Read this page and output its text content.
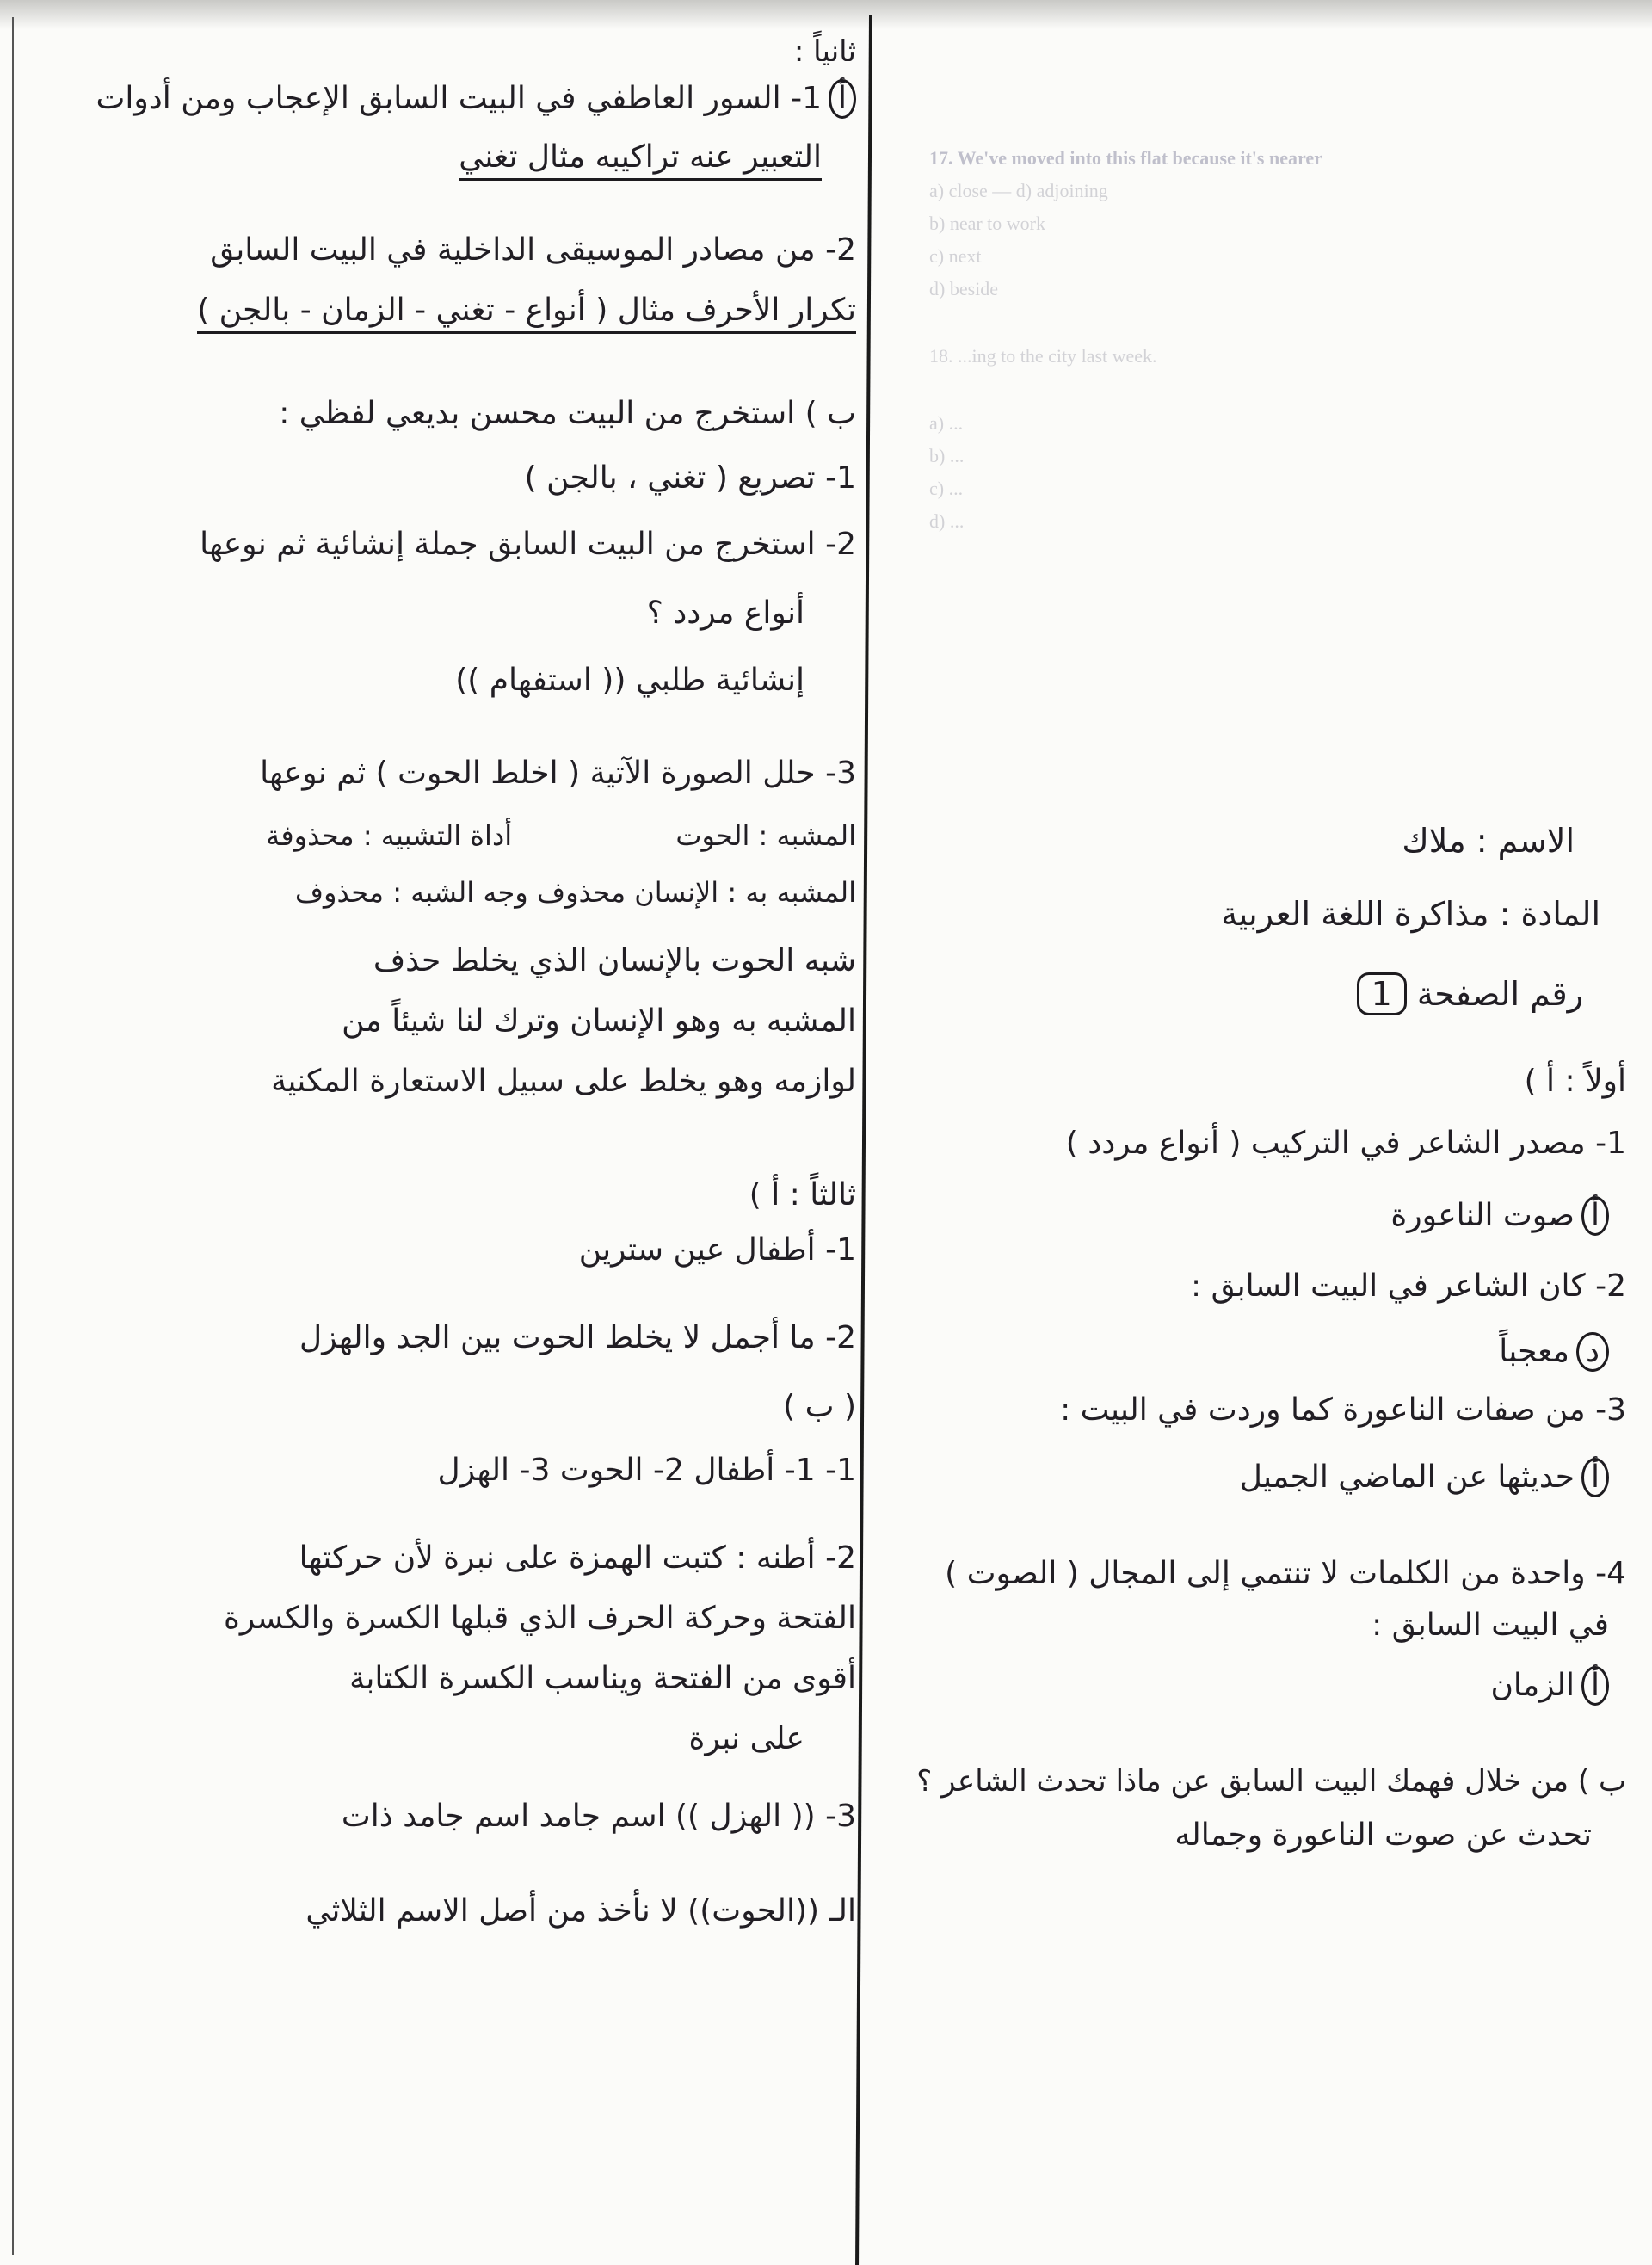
17. We've moved into this flat because it's nearer
a) close — d) adjoining
b) near to work
c) next
d) beside
18. ...ing to the city last week.
a) ...
b) ...
c) ...
d) ...
ثانياً :
أ1- السور العاطفي في البيت السابق الإعجاب ومن أدوات
التعبير عنه تراكيبه مثال تغني
2- من مصادر الموسيقى الداخلية في البيت السابق
تكرار الأحرف مثال ( أنواع - تغني - الزمان - بالجن )
ب ) استخرج من البيت محسن بديعي لفظي :
1- تصريع ( تغني ، بالجن )
2- استخرج من البيت السابق جملة إنشائية ثم نوعها
أنواع مردد ؟
إنشائية طلبي (( استفهام ))
3- حلل الصورة الآتية ( اخلط الحوت ) ثم نوعها
المشبه : الحوت  أداة التشبيه : محذوفة
المشبه به : الإنسان محذوف وجه الشبه : محذوف
شبه الحوت بالإنسان الذي يخلط حذف
المشبه به وهو الإنسان وترك لنا شيئاً من
لوازمه وهو يخلط على سبيل الاستعارة المكنية
ثالثاً : أ )
1- أطفال عين سترين
2- ما أجمل لا يخلط الحوت بين الجد والهزل
( ب )
1- 1- أطفال 2- الحوت 3- الهزل
2- أطنه : كتبت الهمزة على نبرة لأن حركتها
الفتحة وحركة الحرف الذي قبلها الكسرة والكسرة
أقوى من الفتحة ويناسب الكسرة الكتابة
على نبرة
3- (( الهزل )) اسم جامد اسم جامد ذات
الـ ((الحوت)) لا نأخذ من أصل الاسم الثلاثي
الاسم : ملاك
المادة : مذاكرة اللغة العربية
رقم الصفحة 1
أولاً : أ )
1- مصدر الشاعر في التركيب ( أنواع مردد )
أصوت الناعورة
2- كان الشاعر في البيت السابق :
دمعجباً
3- من صفات الناعورة كما وردت في البيت :
أحديثها عن الماضي الجميل
4- واحدة من الكلمات لا تنتمي إلى المجال ( الصوت )
في البيت السابق :
أالزمان
ب ) من خلال فهمك البيت السابق عن ماذا تحدث الشاعر ؟
تحدث عن صوت الناعورة وجماله
